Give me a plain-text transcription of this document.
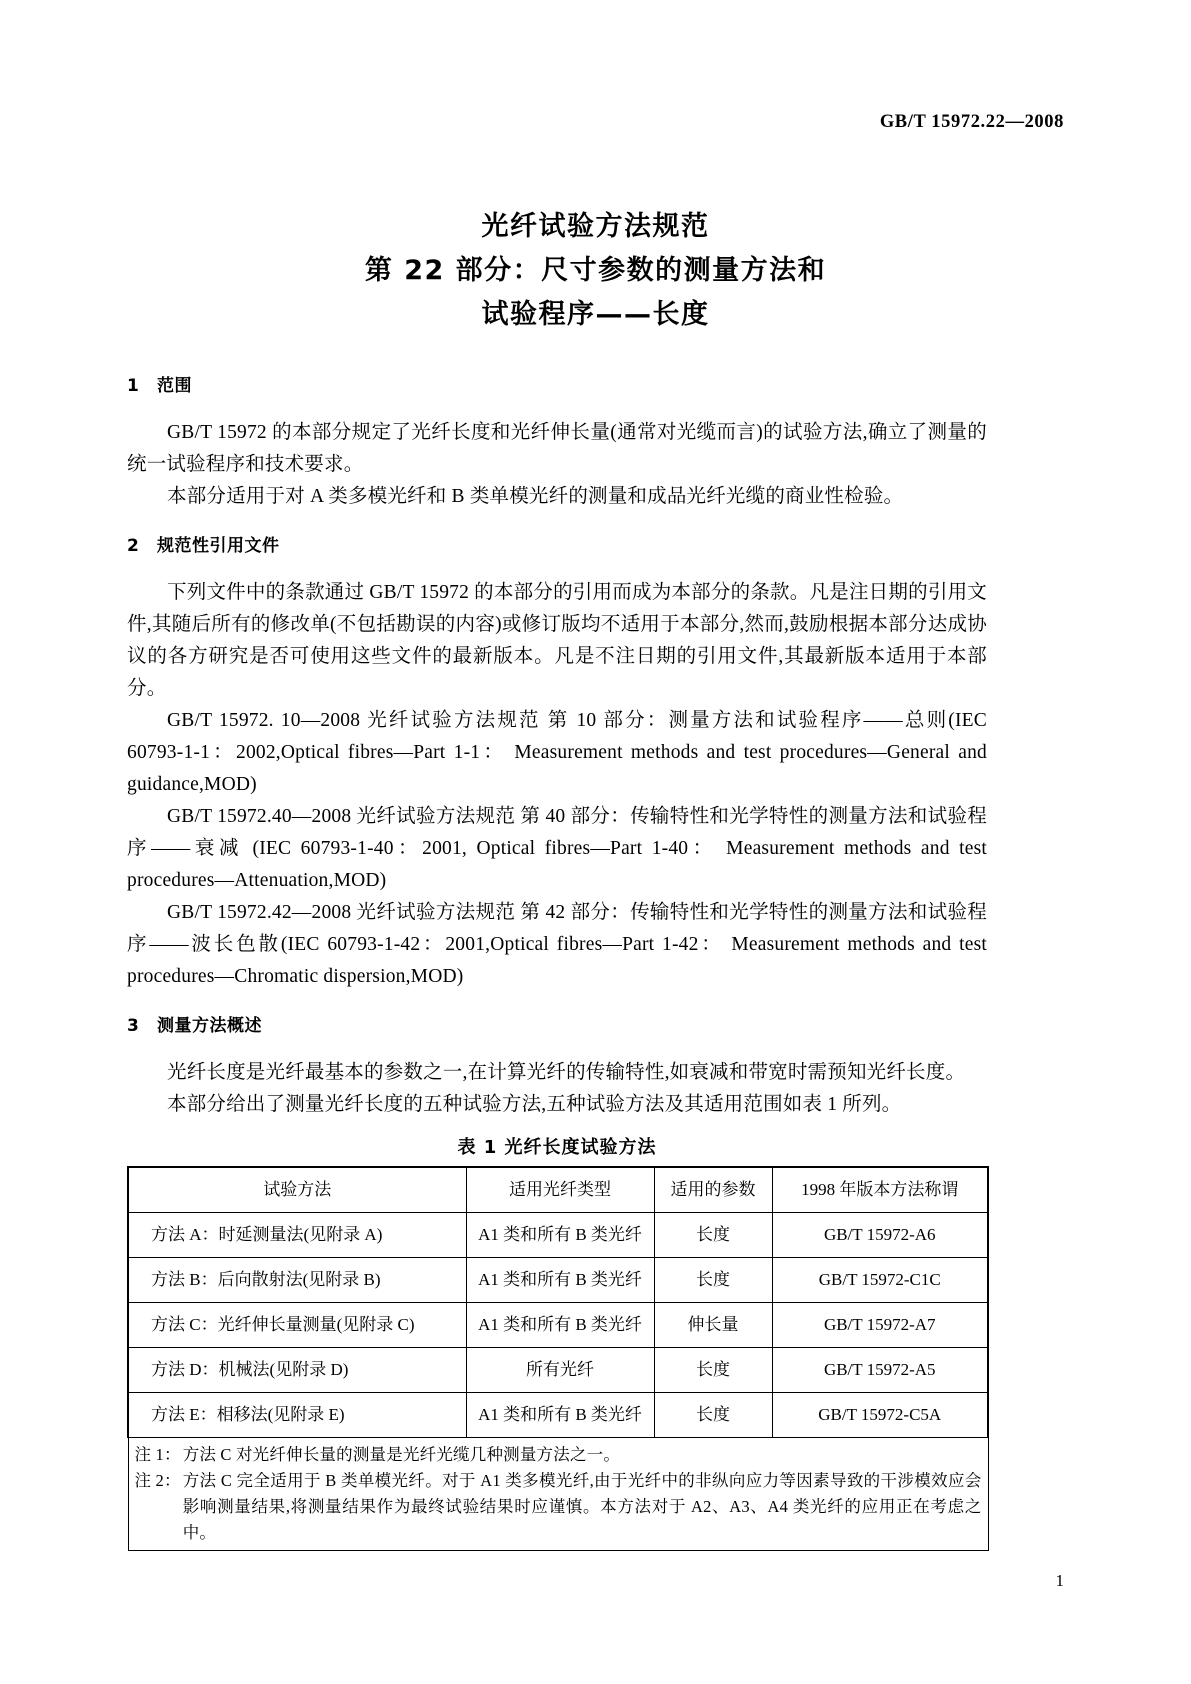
GB/T 15972.22—2008
光纤试验方法规范
第 22 部分：尺寸参数的测量方法和
试验程序——长度
1 范围

GB/T 15972 的本部分规定了光纤长度和光纤伸长量(通常对光缆而言)的试验方法,确立了测量的统一试验程序和技术要求。

本部分适用于对 A 类多模光纤和 B 类单模光纤的测量和成品光纤光缆的商业性检验。

2 规范性引用文件

下列文件中的条款通过 GB/T 15972 的本部分的引用而成为本部分的条款。凡是注日期的引用文件,其随后所有的修改单(不包括勘误的内容)或修订版均不适用于本部分,然而,鼓励根据本部分达成协议的各方研究是否可使用这些文件的最新版本。凡是不注日期的引用文件,其最新版本适用于本部分。

GB/T 15972. 10—2008 光纤试验方法规范 第 10 部分：测量方法和试验程序——总则(IEC 60793-1-1：2002,Optical fibres—Part 1-1： Measurement methods and test procedures—General and guidance,MOD)

GB/T 15972.40—2008 光纤试验方法规范 第 40 部分：传输特性和光学特性的测量方法和试验程序——衰减 (IEC 60793-1-40：2001, Optical fibres—Part 1-40： Measurement methods and test procedures—Attenuation,MOD)

GB/T 15972.42—2008 光纤试验方法规范 第 42 部分：传输特性和光学特性的测量方法和试验程序——波长色散(IEC 60793-1-42：2001,Optical fibres—Part 1-42： Measurement methods and test procedures—Chromatic dispersion,MOD)

3 测量方法概述

光纤长度是光纤最基本的参数之一,在计算光纤的传输特性,如衰减和带宽时需预知光纤长度。

本部分给出了测量光纤长度的五种试验方法,五种试验方法及其适用范围如表 1 所列。

表 1 光纤长度试验方法
试验方法	适用光纤类型	适用的参数	1998 年版本方法称谓
方法 A：时延测量法(见附录 A)	A1 类和所有 B 类光纤	长度	GB/T 15972-A6
方法 B：后向散射法(见附录 B)	A1 类和所有 B 类光纤	长度	GB/T 15972-C1C
方法 C：光纤伸长量测量(见附录 C)	A1 类和所有 B 类光纤	伸长量	GB/T 15972-A7
方法 D：机械法(见附录 D)	所有光纤	长度	GB/T 15972-A5
方法 E：相移法(见附录 E)	A1 类和所有 B 类光纤	长度	GB/T 15972-C5A

注 1： 方法 C 对光纤伸长量的测量是光纤光缆几种测量方法之一。
注 2： 方法 C 完全适用于 B 类单模光纤。对于 A1 类多模光纤,由于光纤中的非纵向应力等因素导致的干涉模效应会影响测量结果,将测量结果作为最终试验结果时应谨慎。本方法对于 A2、A3、A4 类光纤的应用正在考虑之中。			
1
